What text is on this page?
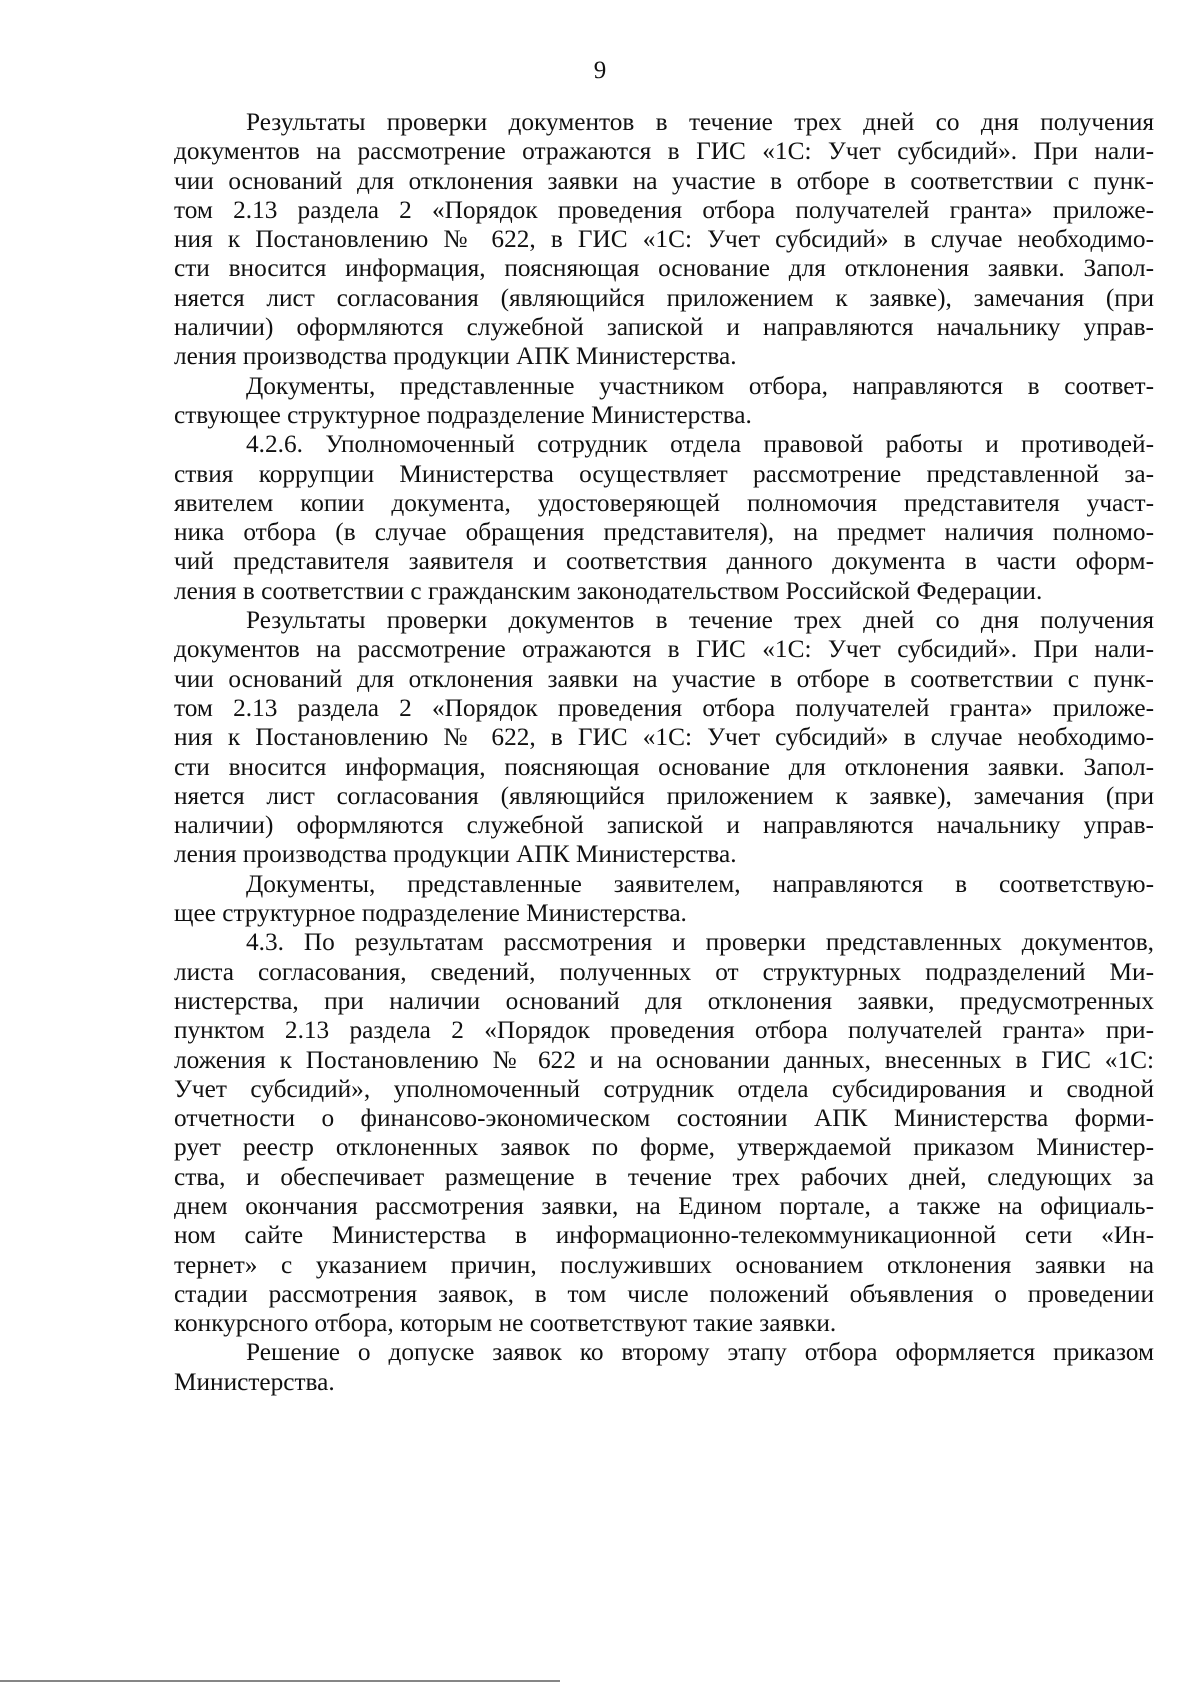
9
Результаты проверки документов в течение трех дней со дня получения
документов на рассмотрение отражаются в ГИС «1С: Учет субсидий». При нали-
чии оснований для отклонения заявки на участие в отборе в соответствии с пунк-
том 2.13 раздела 2 «Порядок проведения отбора получателей гранта» приложе-
ния к Постановлению № 622, в ГИС «1С: Учет субсидий» в случае необходимо-
сти вносится информация, поясняющая основание для отклонения заявки. Запол-
няется лист согласования (являющийся приложением к заявке), замечания (при
наличии) оформляются служебной запиской и направляются начальнику управ-
ления производства продукции АПК Министерства.
Документы, представленные участником отбора, направляются в соответ-
ствующее структурное подразделение Министерства.
4.2.6. Уполномоченный сотрудник отдела правовой работы и противодей-
ствия коррупции Министерства осуществляет рассмотрение представленной за-
явителем копии документа, удостоверяющей полномочия представителя участ-
ника отбора (в случае обращения представителя), на предмет наличия полномо-
чий представителя заявителя и соответствия данного документа в части оформ-
ления в соответствии с гражданским законодательством Российской Федерации.
Результаты проверки документов в течение трех дней со дня получения
документов на рассмотрение отражаются в ГИС «1С: Учет субсидий». При нали-
чии оснований для отклонения заявки на участие в отборе в соответствии с пунк-
том 2.13 раздела 2 «Порядок проведения отбора получателей гранта» приложе-
ния к Постановлению № 622, в ГИС «1С: Учет субсидий» в случае необходимо-
сти вносится информация, поясняющая основание для отклонения заявки. Запол-
няется лист согласования (являющийся приложением к заявке), замечания (при
наличии) оформляются служебной запиской и направляются начальнику управ-
ления производства продукции АПК Министерства.
Документы, представленные заявителем, направляются в соответствую-
щее структурное подразделение Министерства.
4.3. По результатам рассмотрения и проверки представленных документов,
листа согласования, сведений, полученных от структурных подразделений Ми-
нистерства, при наличии оснований для отклонения заявки, предусмотренных
пунктом 2.13 раздела 2 «Порядок проведения отбора получателей гранта» при-
ложения к Постановлению № 622 и на основании данных, внесенных в ГИС «1С:
Учет субсидий», уполномоченный сотрудник отдела субсидирования и сводной
отчетности о финансово-экономическом состоянии АПК Министерства форми-
рует реестр отклоненных заявок по форме, утверждаемой приказом Министер-
ства, и обеспечивает размещение в течение трех рабочих дней, следующих за
днем окончания рассмотрения заявки, на Едином портале, а также на официаль-
ном сайте Министерства в информационно-телекоммуникационной сети «Ин-
тернет» с указанием причин, послуживших основанием отклонения заявки на
стадии рассмотрения заявок, в том числе положений объявления о проведении
конкурсного отбора, которым не соответствуют такие заявки.
Решение о допуске заявок ко второму этапу отбора оформляется приказом
Министерства.
